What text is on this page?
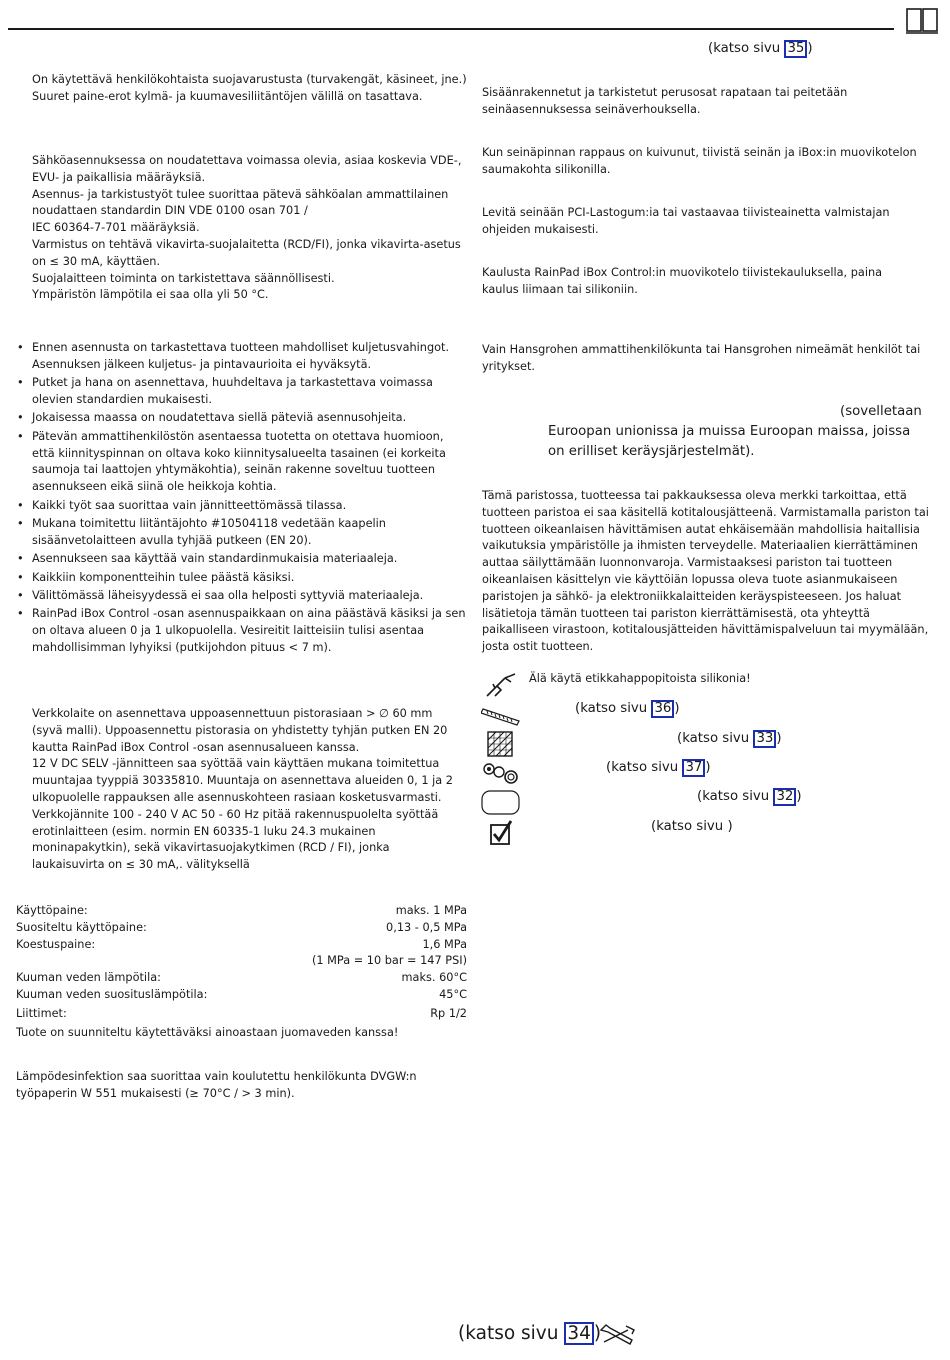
(katso sivu 35 )

On käytettävä henkilökohtaista suojavarustusta (turvakengät, käsineet, jne.)

Suuret paine-erot kylmä- ja kuumavesiliitäntöjen välillä on tasattava.

Sähköasennuksessa on noudatettava voimassa olevia, asiaa koskevia VDE-, EVU- ja paikallisia määräyksiä.

Asennus- ja tarkistustyöt tulee suorittaa pätevä sähköalan ammattilainen noudattaen standardin DIN VDE 0100 osan 701 /

IEC 60364-7-701 määräyksiä.

Varmistus on tehtävä vikavirta-suojalaitetta (RCD/FI), jonka vikavirta-asetus on ≤ 30 mA, käyttäen.

Suojalaitteen toiminta on tarkistettava säännöllisesti.

Ympäristön lämpötila ei saa olla yli 50 °C.

• Ennen asennusta on tarkastettava tuotteen mahdolliset kuljetusvahingot. Asennuksen jälkeen kuljetus- ja pintavaurioita ei hyväksytä.
• Putket ja hana on asennettava, huuhdeltava ja tarkastettava voimassa olevien standardien mukaisesti.
• Jokaisessa maassa on noudatettava siellä päteviä asennusohjeita.
• Pätevän ammattihenkilöstön asentaessa tuotetta on otettava huomioon, että kiinnityspinnan on oltava koko kiinnitysalueelta tasainen (ei korkeita saumoja tai laattojen yhtymäkohtia), seinän rakenne soveltuu tuotteen asennukseen eikä siinä ole heikkoja kohtia.
• Kaikki työt saa suorittaa vain jännitteettömässä tilassa.
• Mukana toimitettu liitäntäjohto #10504118 vedetään kaapelin sisäänvetolaitteen avulla tyhjää putkeen (EN 20).
• Asennukseen saa käyttää vain standardinmukaisia materiaaleja.
• Kaikkiin komponentteihin tulee päästä käsiksi.
• Välittömässä läheisyydessä ei saa olla helposti syttyviä materiaaleja.
• RainPad iBox Control -osan asennuspaikkaan on aina päästävä käsiksi ja sen on oltava alueen 0 ja 1 ulkopuolella. Vesireitit laitteisiin tulisi asentaa mahdollisimman lyhyiksi (putkijohdon pituus < 7 m).

Verkkolaite on asennettava uppoasennettuun pistorasiaan > ∅ 60 mm (syvä malli). Uppoasennettu pistorasia on yhdistetty tyhjän putken EN 20 kautta RainPad iBox Control -osan asennusalueen kanssa.

12 V DC SELV -jännitteen saa syöttää vain käyttäen mukana toimitettua muuntajaa tyyppiä 30335810. Muuntaja on asennettava alueiden 0, 1 ja 2 ulkopuolelle rappauksen alle asennuskohteen rasiaan kosketusvarmasti.

Verkkojännite 100 - 240 V AC 50 - 60 Hz pitää rakennuspuolelta syöttää erotinlaitteen (esim. normin EN 60335-1 luku 24.3 mukainen moninapakytkin), sekä vikavirtasuojakytkimen (RCD / FI), jonka laukaisuvirta on ≤ 30 mA,. välityksellä

Käyttöpaine:	maks. 1 MPa
Suositeltu käyttöpaine:	0,13 - 0,5 MPa
Koestuspaine:	1,6 MPa
(1 MPa = 10 bar = 147 PSI)
Kuuman veden lämpötila:	maks. 60°C
Kuuman veden suosituslämpötila:	45°C
Liittimet:	Rp 1/2

Tuote on suunniteltu käytettäväksi ainoastaan juomaveden kanssa!

Lämpödesinfektion saa suorittaa vain koulutettu henkilökunta DVGW:n työpaperin W 551 mukaisesti (≥ 70°C / > 3 min).

Sisäänrakennetut ja tarkistetut perusosat rapataan tai peitetään seinäasennuksessa seinäverhouksella.

Kun seinäpinnan rappaus on kuivunut, tiivistä seinän ja iBox:in muovikotelon saumakohta silikonilla.

Levitä seinään PCI-Lastogum:ia tai vastaavaa tiivisteainetta valmistajan ohjeiden mukaisesti.

Kaulusta RainPad iBox Control:in muovikotelo tiivistekauluksella, paina kaulus liimaan tai silikoniin.

Vain Hansgrohen ammattihenkilökunta tai Hansgrohen nimeämät henkilöt tai yritykset.

(sovelletaan
Euroopan unionissa ja muissa Euroopan maissa, joissa on erilliset keräysjärjestelmät).

Tämä paristossa, tuotteessa tai pakkauksessa oleva merkki tarkoittaa, että tuotteen paristoa ei saa käsitellä kotitalousjätteenä. Varmistamalla pariston tai tuotteen oikeanlaisen hävittämisen autat ehkäisemään mahdollisia haitallisia vaikutuksia ympäristölle ja ihmisten terveydelle. Materiaalien kierrättäminen auttaa säilyttämään luonnonvaroja. Varmistaaksesi pariston tai tuotteen oikeanlaisen käsittelyn vie käyttöiän lopussa oleva tuote asianmukaiseen paristojen ja sähkö- ja elektroniikkalaitteiden keräyspisteeseen. Jos haluat lisätietoja tämän tuotteen tai pariston kierrättämisestä, ota yhteyttä paikalliseen virastoon, kotitalousjätteiden hävittämispalveluun tai myymälään, josta ostit tuotteen.

Älä käytä etikkahappopitoista silikonia!
(katso sivu 36 )
(katso sivu 33 )
(katso sivu 37 )
(katso sivu 32 )
(katso sivu )
(katso sivu 34 )
